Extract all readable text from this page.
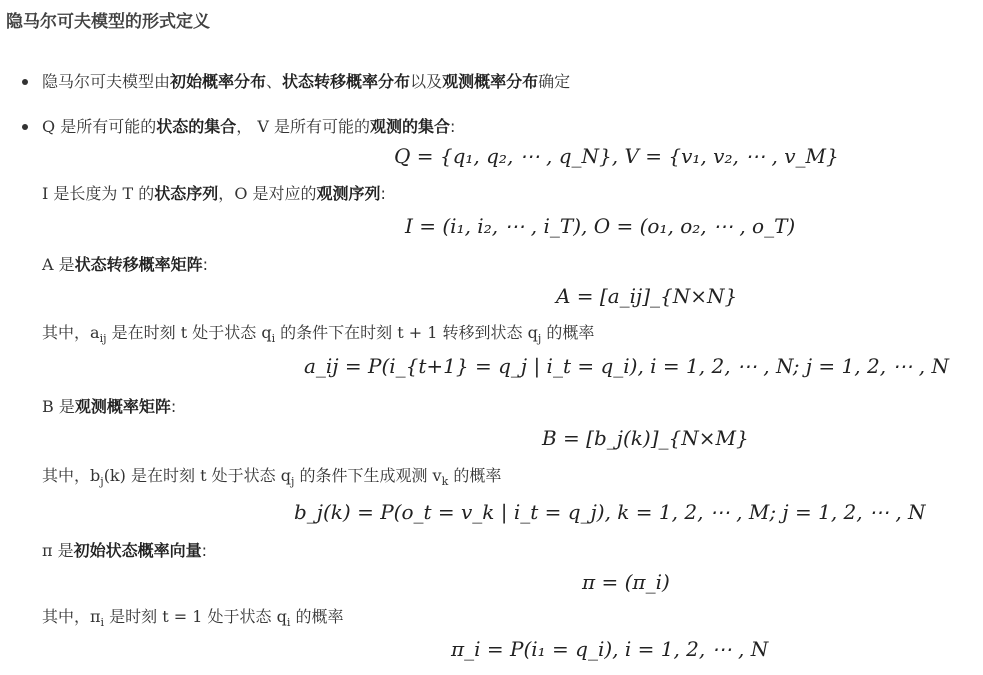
隐马尔可夫模型的形式定义
隐马尔可夫模型由初始概率分布、状态转移概率分布以及观测概率分布确定
Q 是所有可能的状态的集合， V 是所有可能的观测的集合:
Q = {q₁, q₂, ⋯ , q_N}, V = {v₁, v₂, ⋯ , v_M}
I 是长度为 T 的状态序列，O 是对应的观测序列:
I = (i₁, i₂, ⋯ , i_T), O = (o₁, o₂, ⋯ , o_T)
A 是状态转移概率矩阵:
A = [a_ij]_{N×N}
其中，$a_{ij}$ 是在时刻 t 处于状态 $q_i$ 的条件下在时刻 t + 1 转移到状态 $q_j$ 的概率
a_ij = P(i_{t+1} = q_j | i_t = q_i), i = 1, 2, ⋯ , N; j = 1, 2, ⋯ , N
B 是观测概率矩阵:
B = [b_j(k)]_{N×M}
其中，$b_j(k)$ 是在时刻 t 处于状态 $q_j$ 的条件下生成观测 $v_k$ 的概率
b_j(k) = P(o_t = v_k | i_t = q_j), k = 1, 2, ⋯ , M; j = 1, 2, ⋯ , N
π 是初始状态概率向量:
π = (π_i)
其中，$\pi_i$ 是时刻 t = 1 处于状态 $q_i$ 的概率
π_i = P(i₁ = q_i), i = 1, 2, ⋯ , N
